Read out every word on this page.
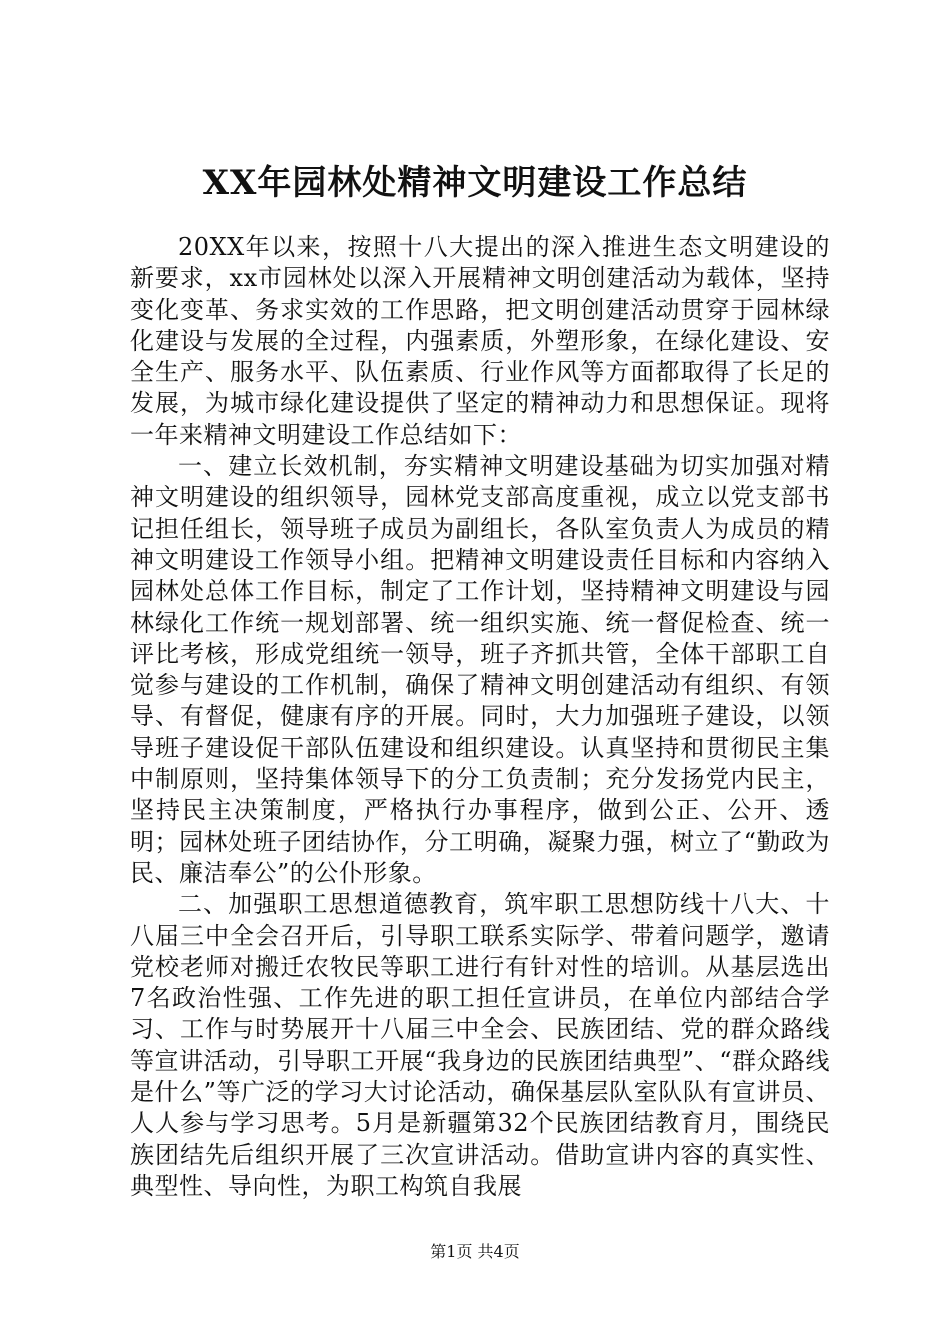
XX年园林处精神文明建设工作总结

20XX年以来，按照十八大提出的深入推进生态文明建设的新要求，xx市园林处以深入开展精神文明创建活动为载体，坚持变化变革、务求实效的工作思路，把文明创建活动贯穿于园林绿化建设与发展的全过程，内强素质，外塑形象，在绿化建设、安全生产、服务水平、队伍素质、行业作风等方面都取得了长足的发展，为城市绿化建设提供了坚定的精神动力和思想保证。现将一年来精神文明建设工作总结如下：

一、建立长效机制，夯实精神文明建设基础为切实加强对精神文明建设的组织领导，园林党支部高度重视，成立以党支部书记担任组长，领导班子成员为副组长，各队室负责人为成员的精神文明建设工作领导小组。把精神文明建设责任目标和内容纳入园林处总体工作目标，制定了工作计划，坚持精神文明建设与园林绿化工作统一规划部署、统一组织实施、统一督促检查、统一评比考核，形成党组统一领导，班子齐抓共管，全体干部职工自觉参与建设的工作机制，确保了精神文明创建活动有组织、有领导、有督促，健康有序的开展。同时，大力加强班子建设，以领导班子建设促干部队伍建设和组织建设。认真坚持和贯彻民主集中制原则，坚持集体领导下的分工负责制；充分发扬党内民主，坚持民主决策制度，严格执行办事程序，做到公正、公开、透明；园林处班子团结协作，分工明确，凝聚力强，树立了“勤政为民、廉洁奉公”的公仆形象。

二、加强职工思想道德教育，筑牢职工思想防线十八大、十八届三中全会召开后，引导职工联系实际学、带着问题学，邀请党校老师对搬迁农牧民等职工进行有针对性的培训。从基层选出7名政治性强、工作先进的职工担任宣讲员，在单位内部结合学习、工作与时势展开十八届三中全会、民族团结、党的群众路线等宣讲活动，引导职工开展“我身边的民族团结典型”、“群众路线是什么”等广泛的学习大讨论活动，确保基层队室队队有宣讲员、人人参与学习思考。5月是新疆第32个民族团结教育月，围绕民族团结先后组织开展了三次宣讲活动。借助宣讲内容的真实性、典型性、导向性，为职工构筑自我展

第1页 共4页
